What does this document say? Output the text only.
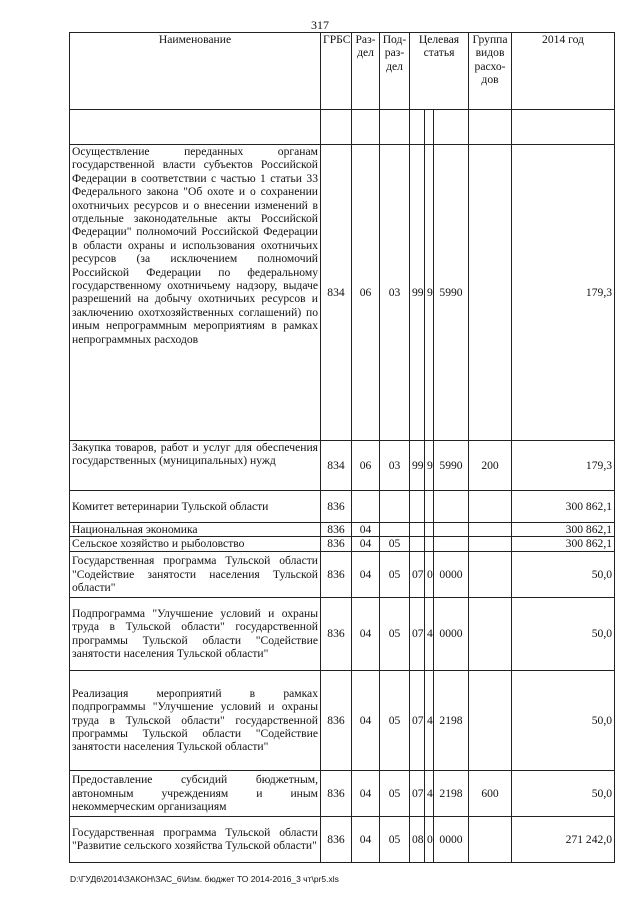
317
Наименование	ГРБС	Раз-дел	Под-раз-дел	Целевая статья			Группа видов расхо-дов	2014 год

Осуществление переданных органам государственной власти субъектов Российской Федерации в соответствии с частью 1 статьи 33 Федерального закона "Об охоте и о сохранении охотничьих ресурсов и о внесении изменений в отдельные законодательные акты Российской Федерации" полномочий Российской Федерации в области охраны и использования охотничьих ресурсов (за исключением полномочий Российской Федерации по федеральному государственному охотничьему надзору, выдаче разрешений на добычу охотничьих ресурсов и заключению охотхозяйственных соглашений) по иным непрограммным мероприятиям в рамках непрограммных расходов	834	06	03	99	9	5990		179,3
Закупка товаров, работ и услуг для обеспечения государственных (муниципальных) нужд	834	06	03	99	9	5990	200	179,3
Комитет ветеринарии Тульской области	836							300 862,1
Национальная экономика	836	04						300 862,1
Сельское хозяйство и рыболовство	836	04	05					300 862,1
Государственная программа Тульской области "Содействие занятости населения Тульской области"	836	04	05	07	0	0000		50,0
Подпрограмма "Улучшение условий и охраны труда в Тульской области" государственной программы Тульской области "Содействие занятости населения Тульской области"	836	04	05	07	4	0000		50,0
Реализация мероприятий в рамках подпрограммы "Улучшение условий и охраны труда в Тульской области" государственной программы Тульской области "Содействие занятости населения Тульской области"	836	04	05	07	4	2198		50,0
Предоставление субсидий бюджетным, автономным учреждениям и иным некоммерческим организациям	836	04	05	07	4	2198	600	50,0
Государственная программа Тульской области "Развитие сельского хозяйства Тульской области"	836	04	05	08	0	0000		271 242,0
D:\ГУД6\2014\ЗАКОН\ЗАС_6\Изм. бюджет ТО 2014-2016_3 чт\pr5.xls
